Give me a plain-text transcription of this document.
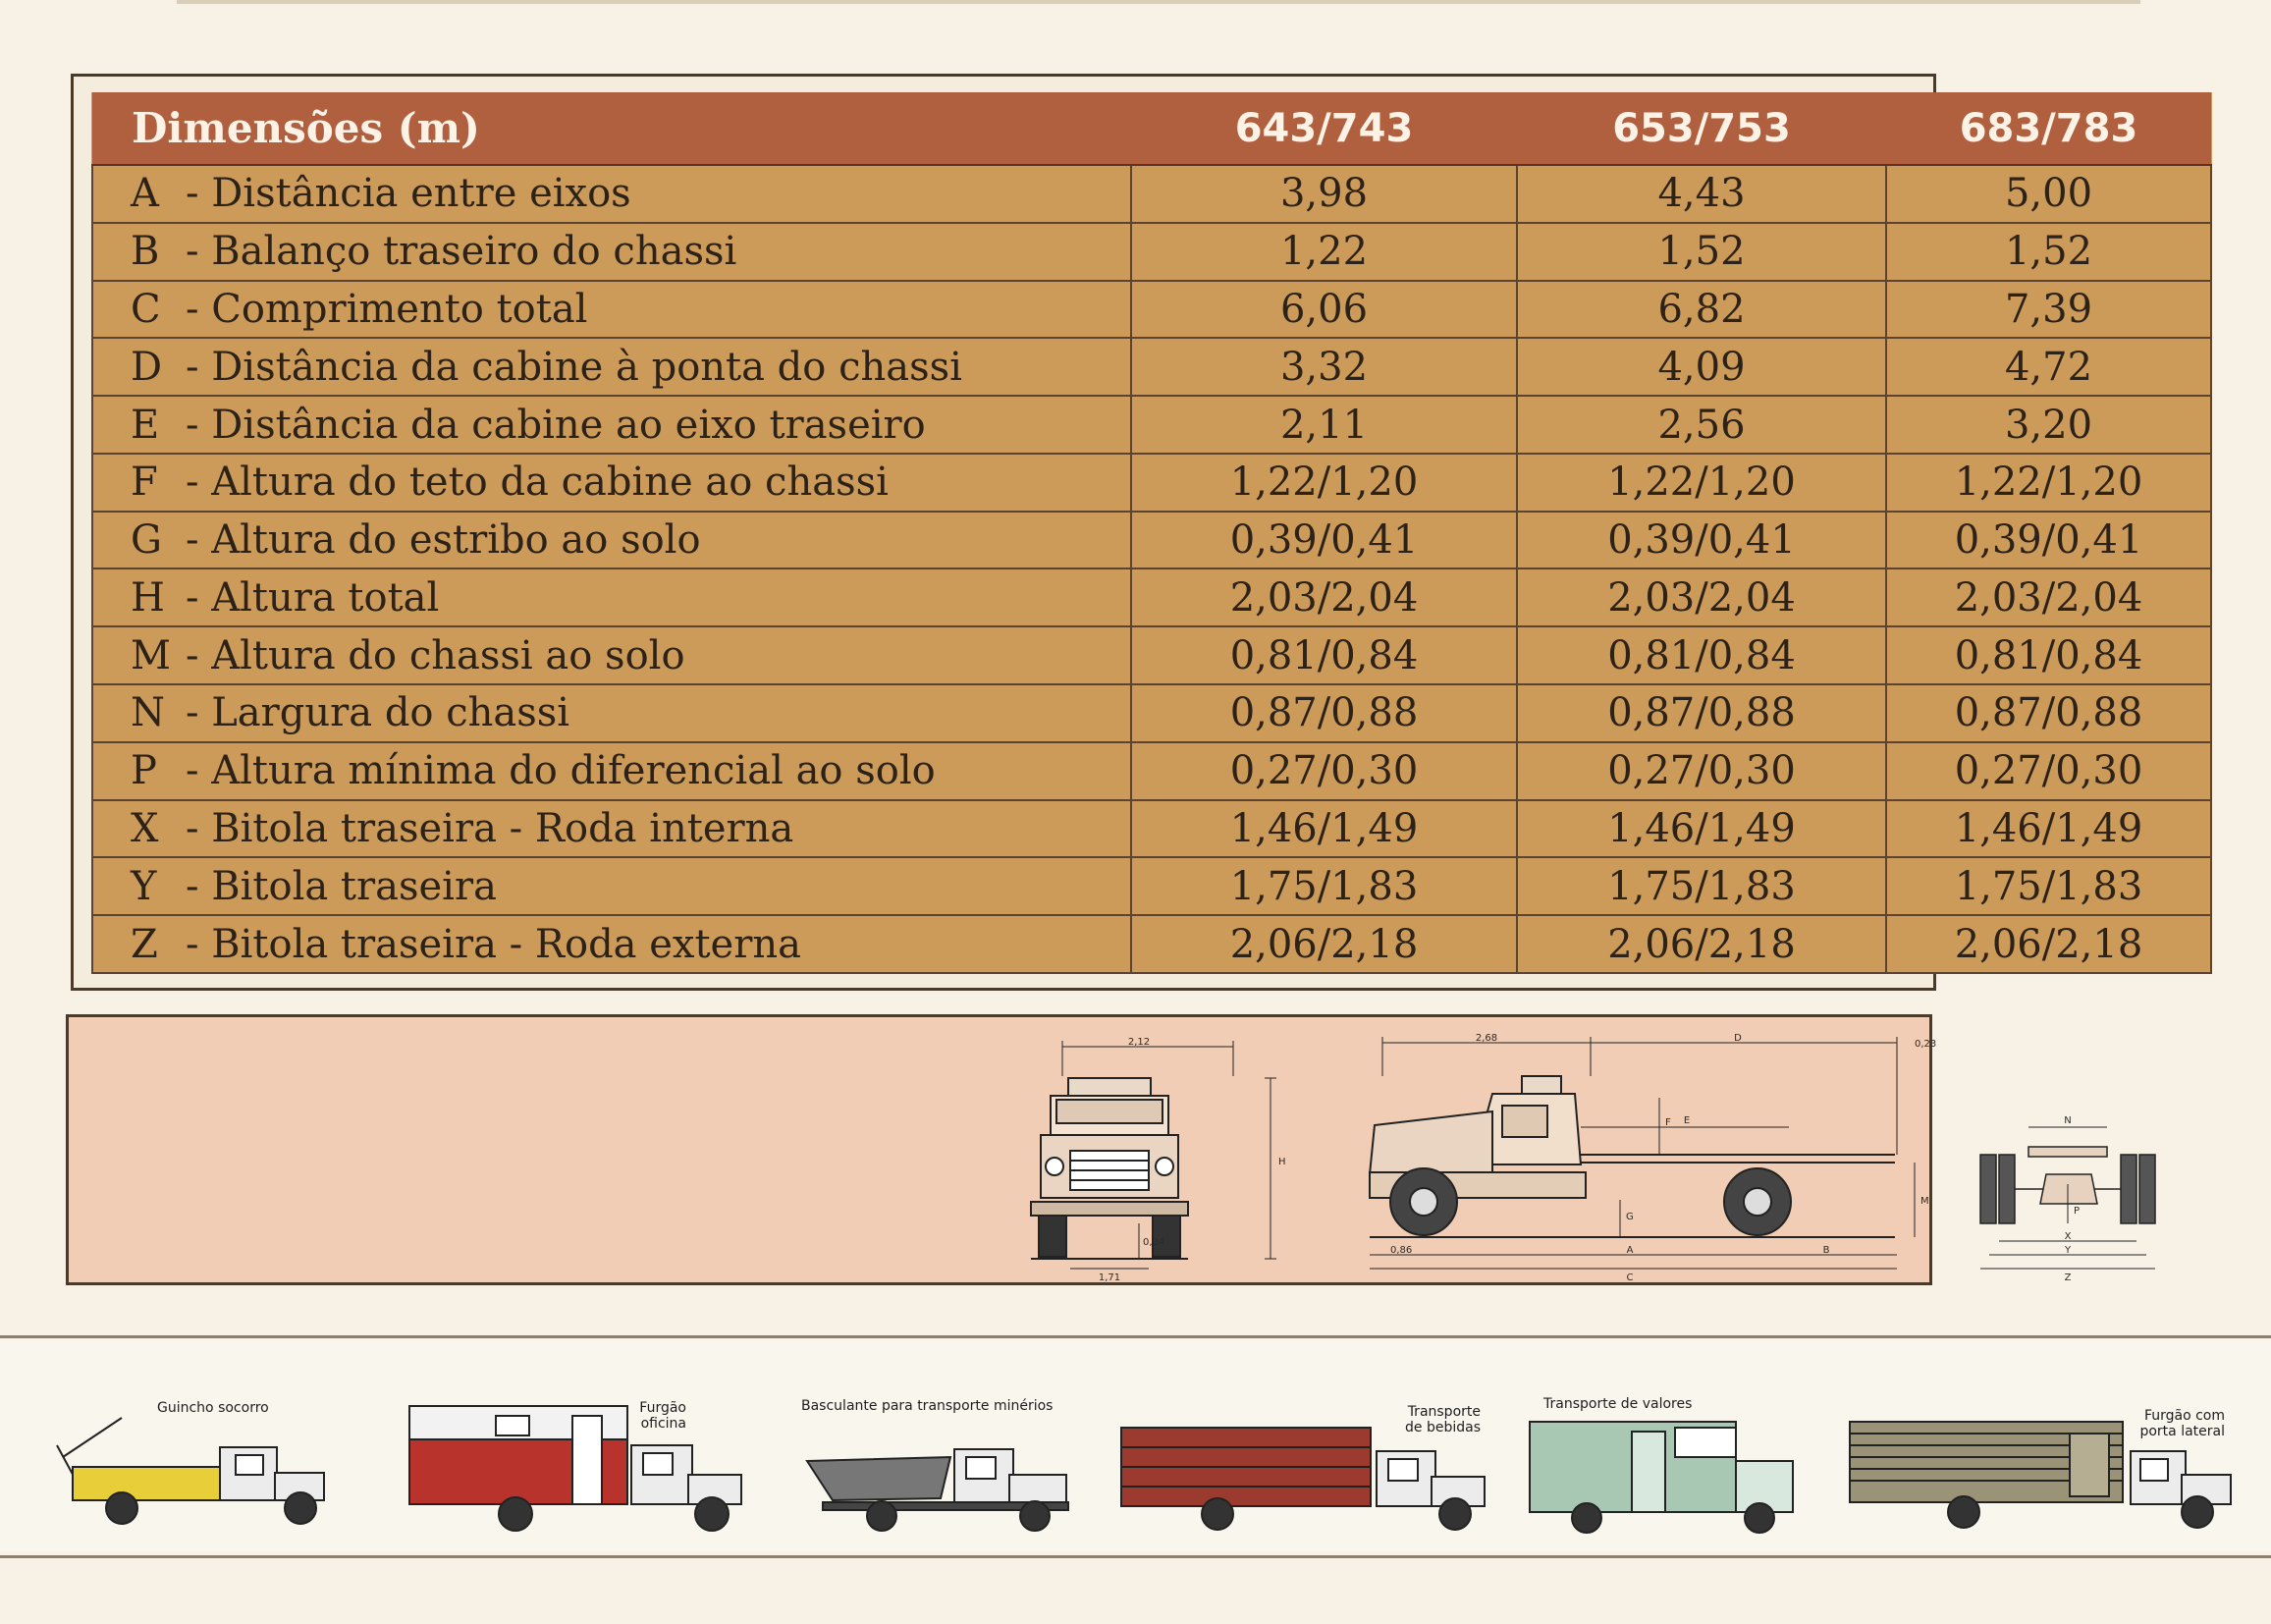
Dimensões (m)	643/743	653/753	683/783
A - Distância entre eixos	3,98	4,43	5,00
B - Balanço traseiro do chassi	1,22	1,52	1,52
C - Comprimento total	6,06	6,82	7,39
D - Distância da cabine à ponta do chassi	3,32	4,09	4,72
E - Distância da cabine ao eixo traseiro	2,11	2,56	3,20
F - Altura do teto da cabine ao chassi	1,22/1,20	1,22/1,20	1,22/1,20
G - Altura do estribo ao solo	0,39/0,41	0,39/0,41	0,39/0,41
H - Altura total	2,03/2,04	2,03/2,04	2,03/2,04
M - Altura do chassi ao solo	0,81/0,84	0,81/0,84	0,81/0,84
N - Largura do chassi	0,87/0,88	0,87/0,88	0,87/0,88
P - Altura mínima do diferencial ao solo	0,27/0,30	0,27/0,30	0,27/0,30
X - Bitola traseira - Roda interna	1,46/1,49	1,46/1,49	1,46/1,49
Y - Bitola traseira	1,75/1,83	1,75/1,83	1,75/1,83
Z - Bitola traseira - Roda externa	2,06/2,18	2,06/2,18	2,06/2,18
2,12
H
0,34
1,71
2,68	D
0,23
F E
G
M
0,86	A	B
C
N
P
X
Y
Z
Guincho socorro	Furgão
oficina
Basculante para transporte minérios	Transporte
de bebidas
Transporte de valores
Furgão com
porta lateral
